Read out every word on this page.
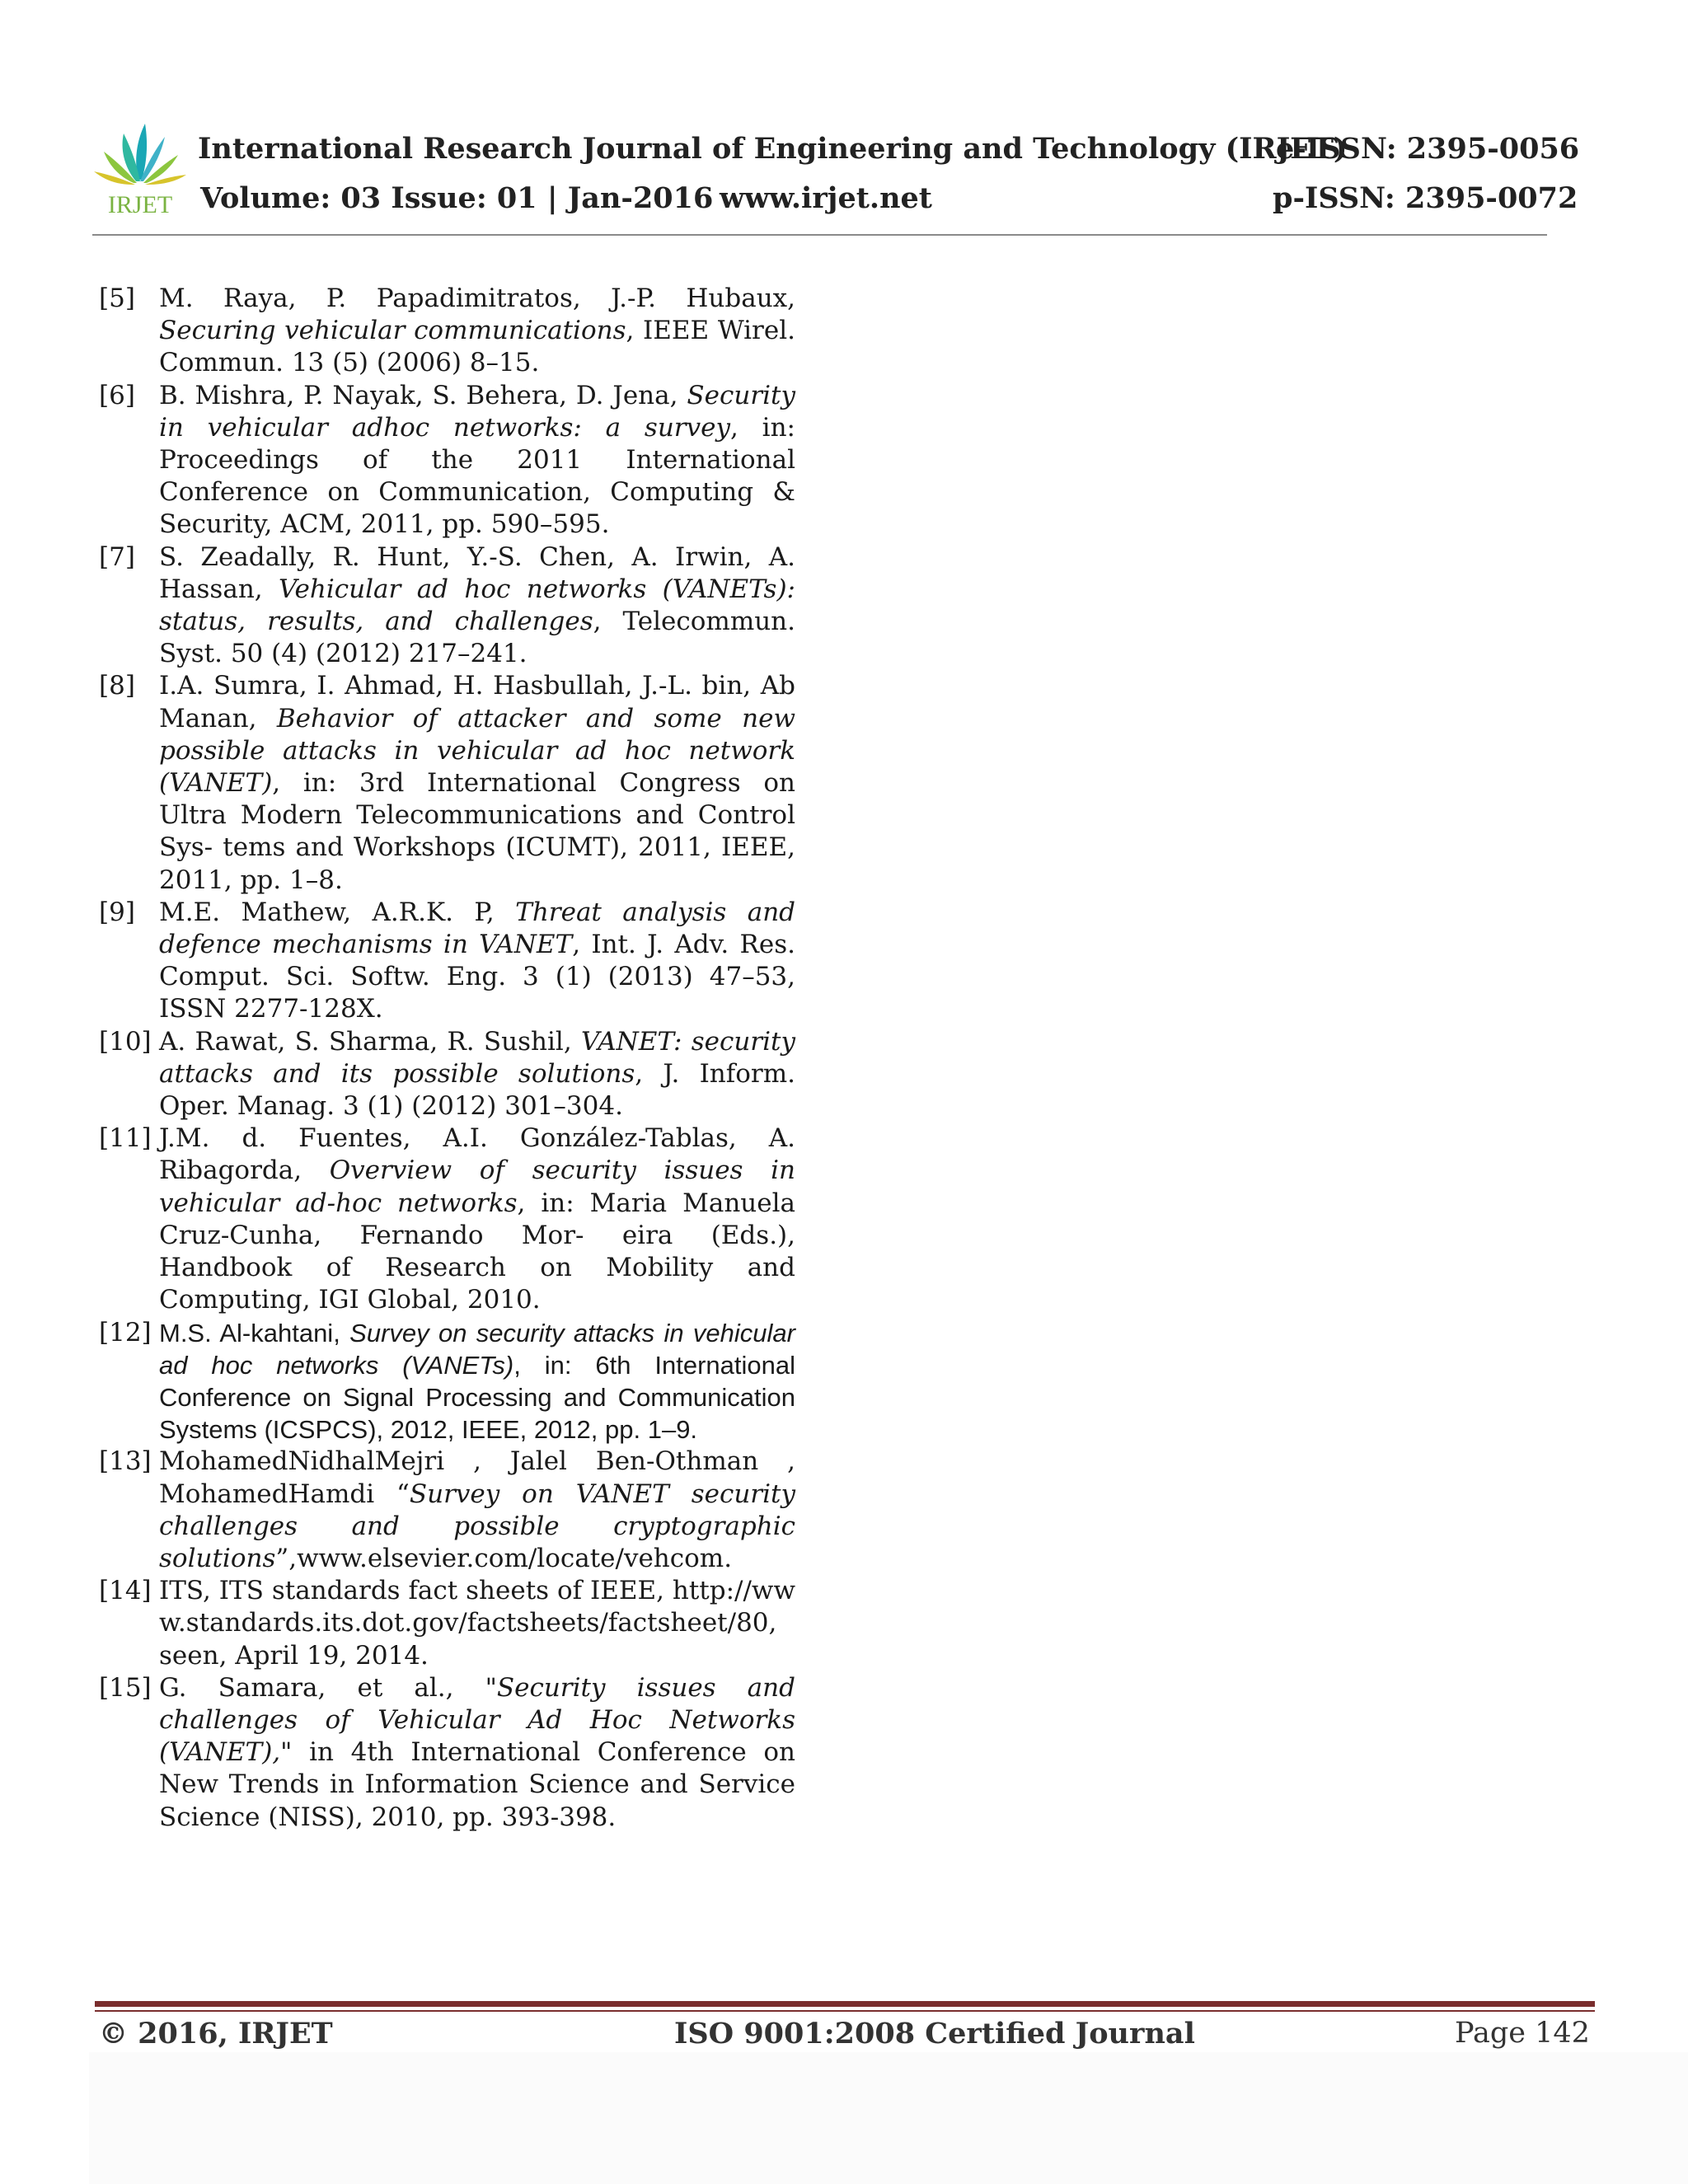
IRJET
International Research Journal of Engineering and Technology (IRJET)
e-ISSN: 2395-0056
Volume: 03 Issue: 01 | Jan-2016 www.irjet.net	p-ISSN: 2395-0072
[5] M. Raya, P. Papadimitratos, J.-P. Hubaux, Securing vehicular communications, IEEE Wirel. Commun. 13 (5) (2006) 8–15.
[6] B. Mishra, P. Nayak, S. Behera, D. Jena, Security in vehicular adhoc networks: a survey, in: Proceedings of the 2011 International Conference on Communication, Computing & Security, ACM, 2011, pp. 590–595.
[7] S. Zeadally, R. Hunt, Y.-S. Chen, A. Irwin, A. Hassan, Vehicular ad hoc networks (VANETs): status, results, and challenges, Telecommun. Syst. 50 (4) (2012) 217–241.
[8] I.A. Sumra, I. Ahmad, H. Hasbullah, J.-L. bin, Ab Manan, Behavior of attacker and some new possible attacks in vehicular ad hoc network (VANET), in: 3rd International Congress on Ultra Modern Telecommunications and Control Sys- tems and Workshops (ICUMT), 2011, IEEE, 2011, pp. 1–8.
[9] M.E. Mathew, A.R.K. P, Threat analysis and defence mechanisms in VANET, Int. J. Adv. Res. Comput. Sci. Softw. Eng. 3 (1) (2013) 47–53, ISSN 2277-128X.
[10] A. Rawat, S. Sharma, R. Sushil, VANET: security attacks and its possible solutions, J. Inform. Oper. Manag. 3 (1) (2012) 301–304.
[11] J.M. d. Fuentes, A.I. González-Tablas, A. Ribagorda, Overview of security issues in vehicular ad-hoc networks, in: Maria Manuela Cruz-Cunha, Fernando Mor- eira (Eds.), Handbook of Research on Mobility and Computing, IGI Global, 2010.
[12] M.S. Al-kahtani, Survey on security attacks in vehicular ad hoc networks (VANETs), in: 6th International Conference on Signal Processing and Communication Systems (ICSPCS), 2012, IEEE, 2012, pp. 1–9.
[13] MohamedNidhalMejri , Jalel Ben-Othman , MohamedHamdi “Survey on VANET security challenges and possible cryptographic solutions”,www.elsevier.com/locate/vehcom.
[14] ITS, ITS standards fact sheets of IEEE, http://www.standards.its.dot.gov/factsheets/factsheet/80, seen, April 19, 2014.
[15] G. Samara, et al., "Security issues and challenges of Vehicular Ad Hoc Networks (VANET)," in 4th International Conference on New Trends in Information Science and Service Science (NISS), 2010, pp. 393-398.
© 2016, IRJET	ISO 9001:2008 Certified Journal	Page 142
